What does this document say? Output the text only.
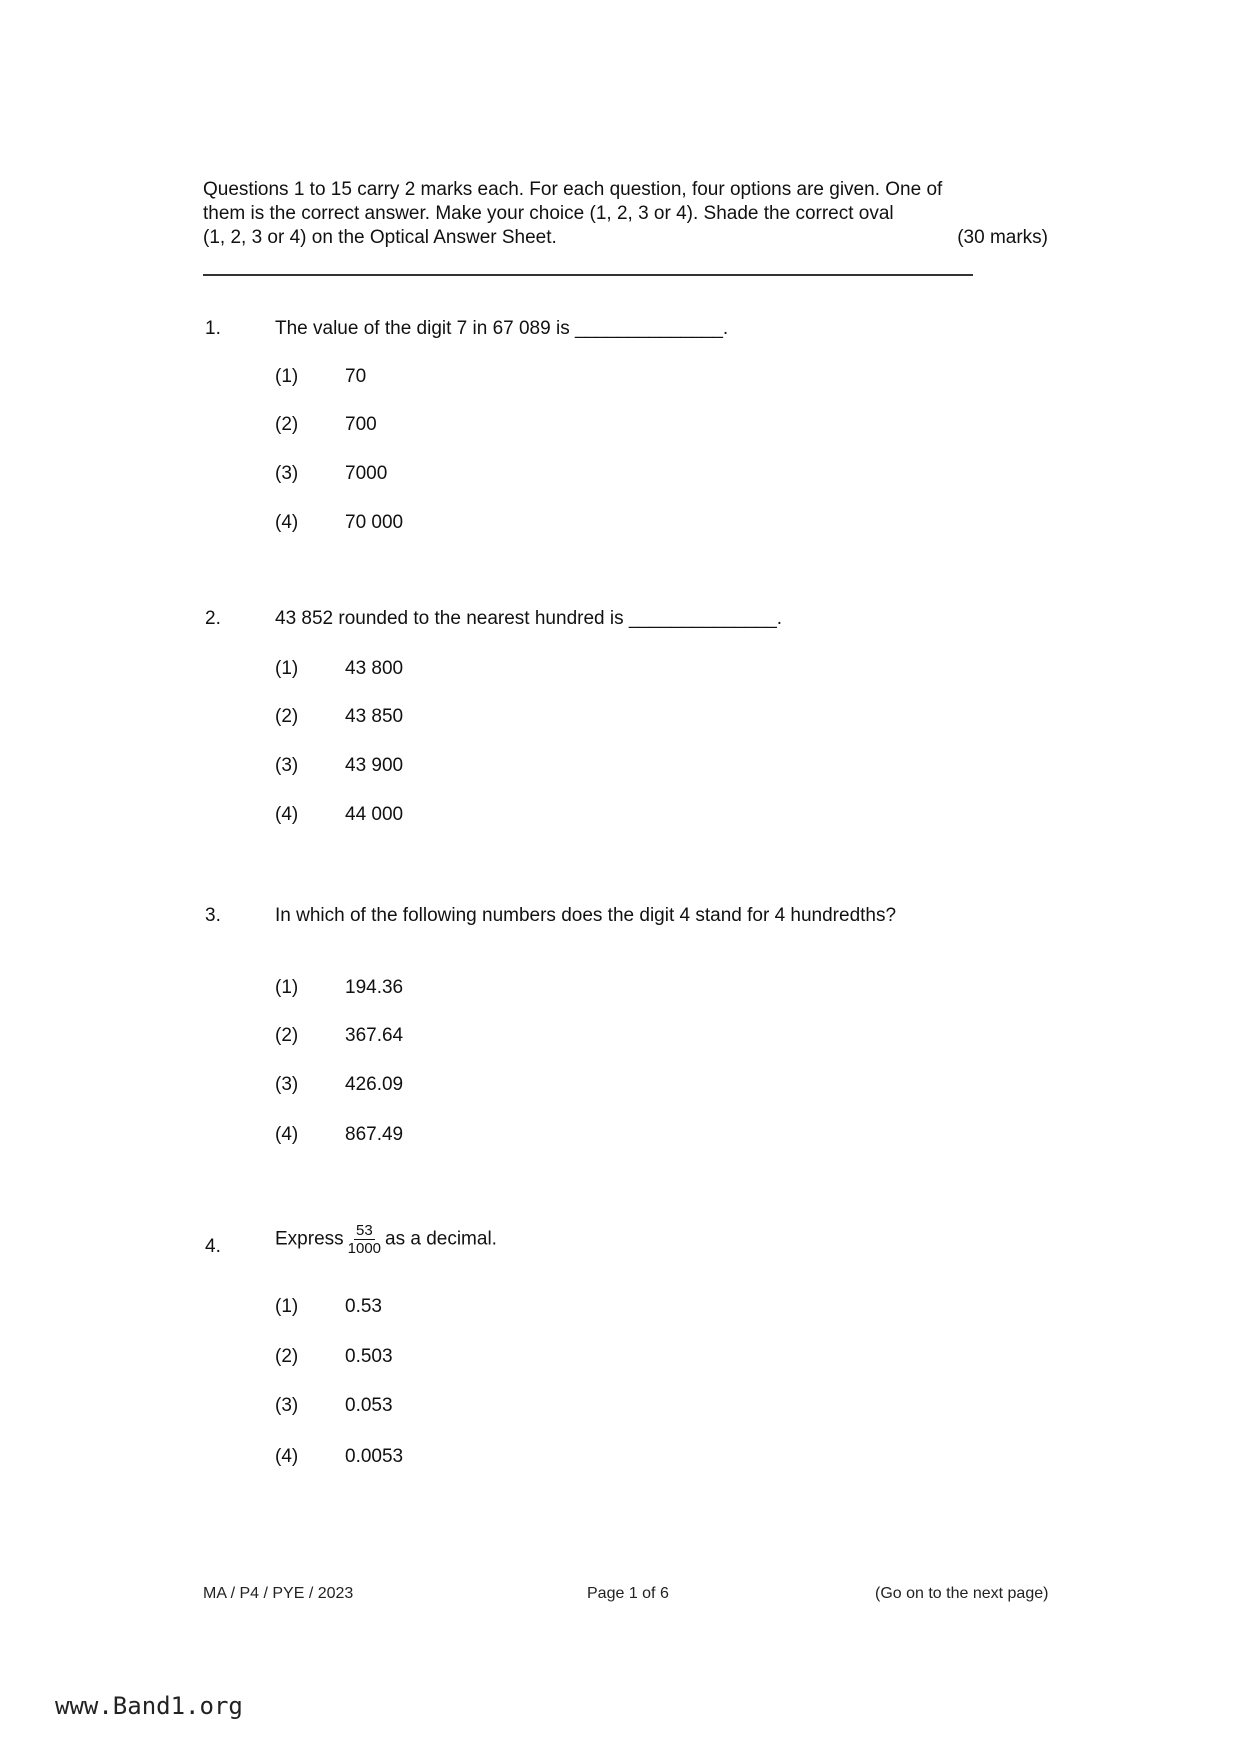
Questions 1 to 15 carry 2 marks each. For each question, four options are given. One of
them is the correct answer. Make your choice (1, 2, 3 or 4). Shade the correct oval
(1, 2, 3 or 4) on the Optical Answer Sheet.	(30 marks)
1.	The value of the digit 7 in 67 089 is ______________.
(1) 70
(2) 700
(3) 7000
(4) 70 000
2.	43 852 rounded to the nearest hundred is ______________.
(1) 43 800
(2) 43 850
(3) 43 900
(4) 44 000
3.	In which of the following numbers does the digit 4 stand for 4 hundredths?
(1) 194.36
(2) 367.64
(3) 426.09
(4) 867.49
4.	Express $\frac{53}{1000}$ as a decimal.
(1) 0.53
(2) 0.503
(3) 0.053
(4) 0.0053
MA / P4 / PYE / 2023	Page 1 of 6	(Go on to the next page)
www.Band1.org
